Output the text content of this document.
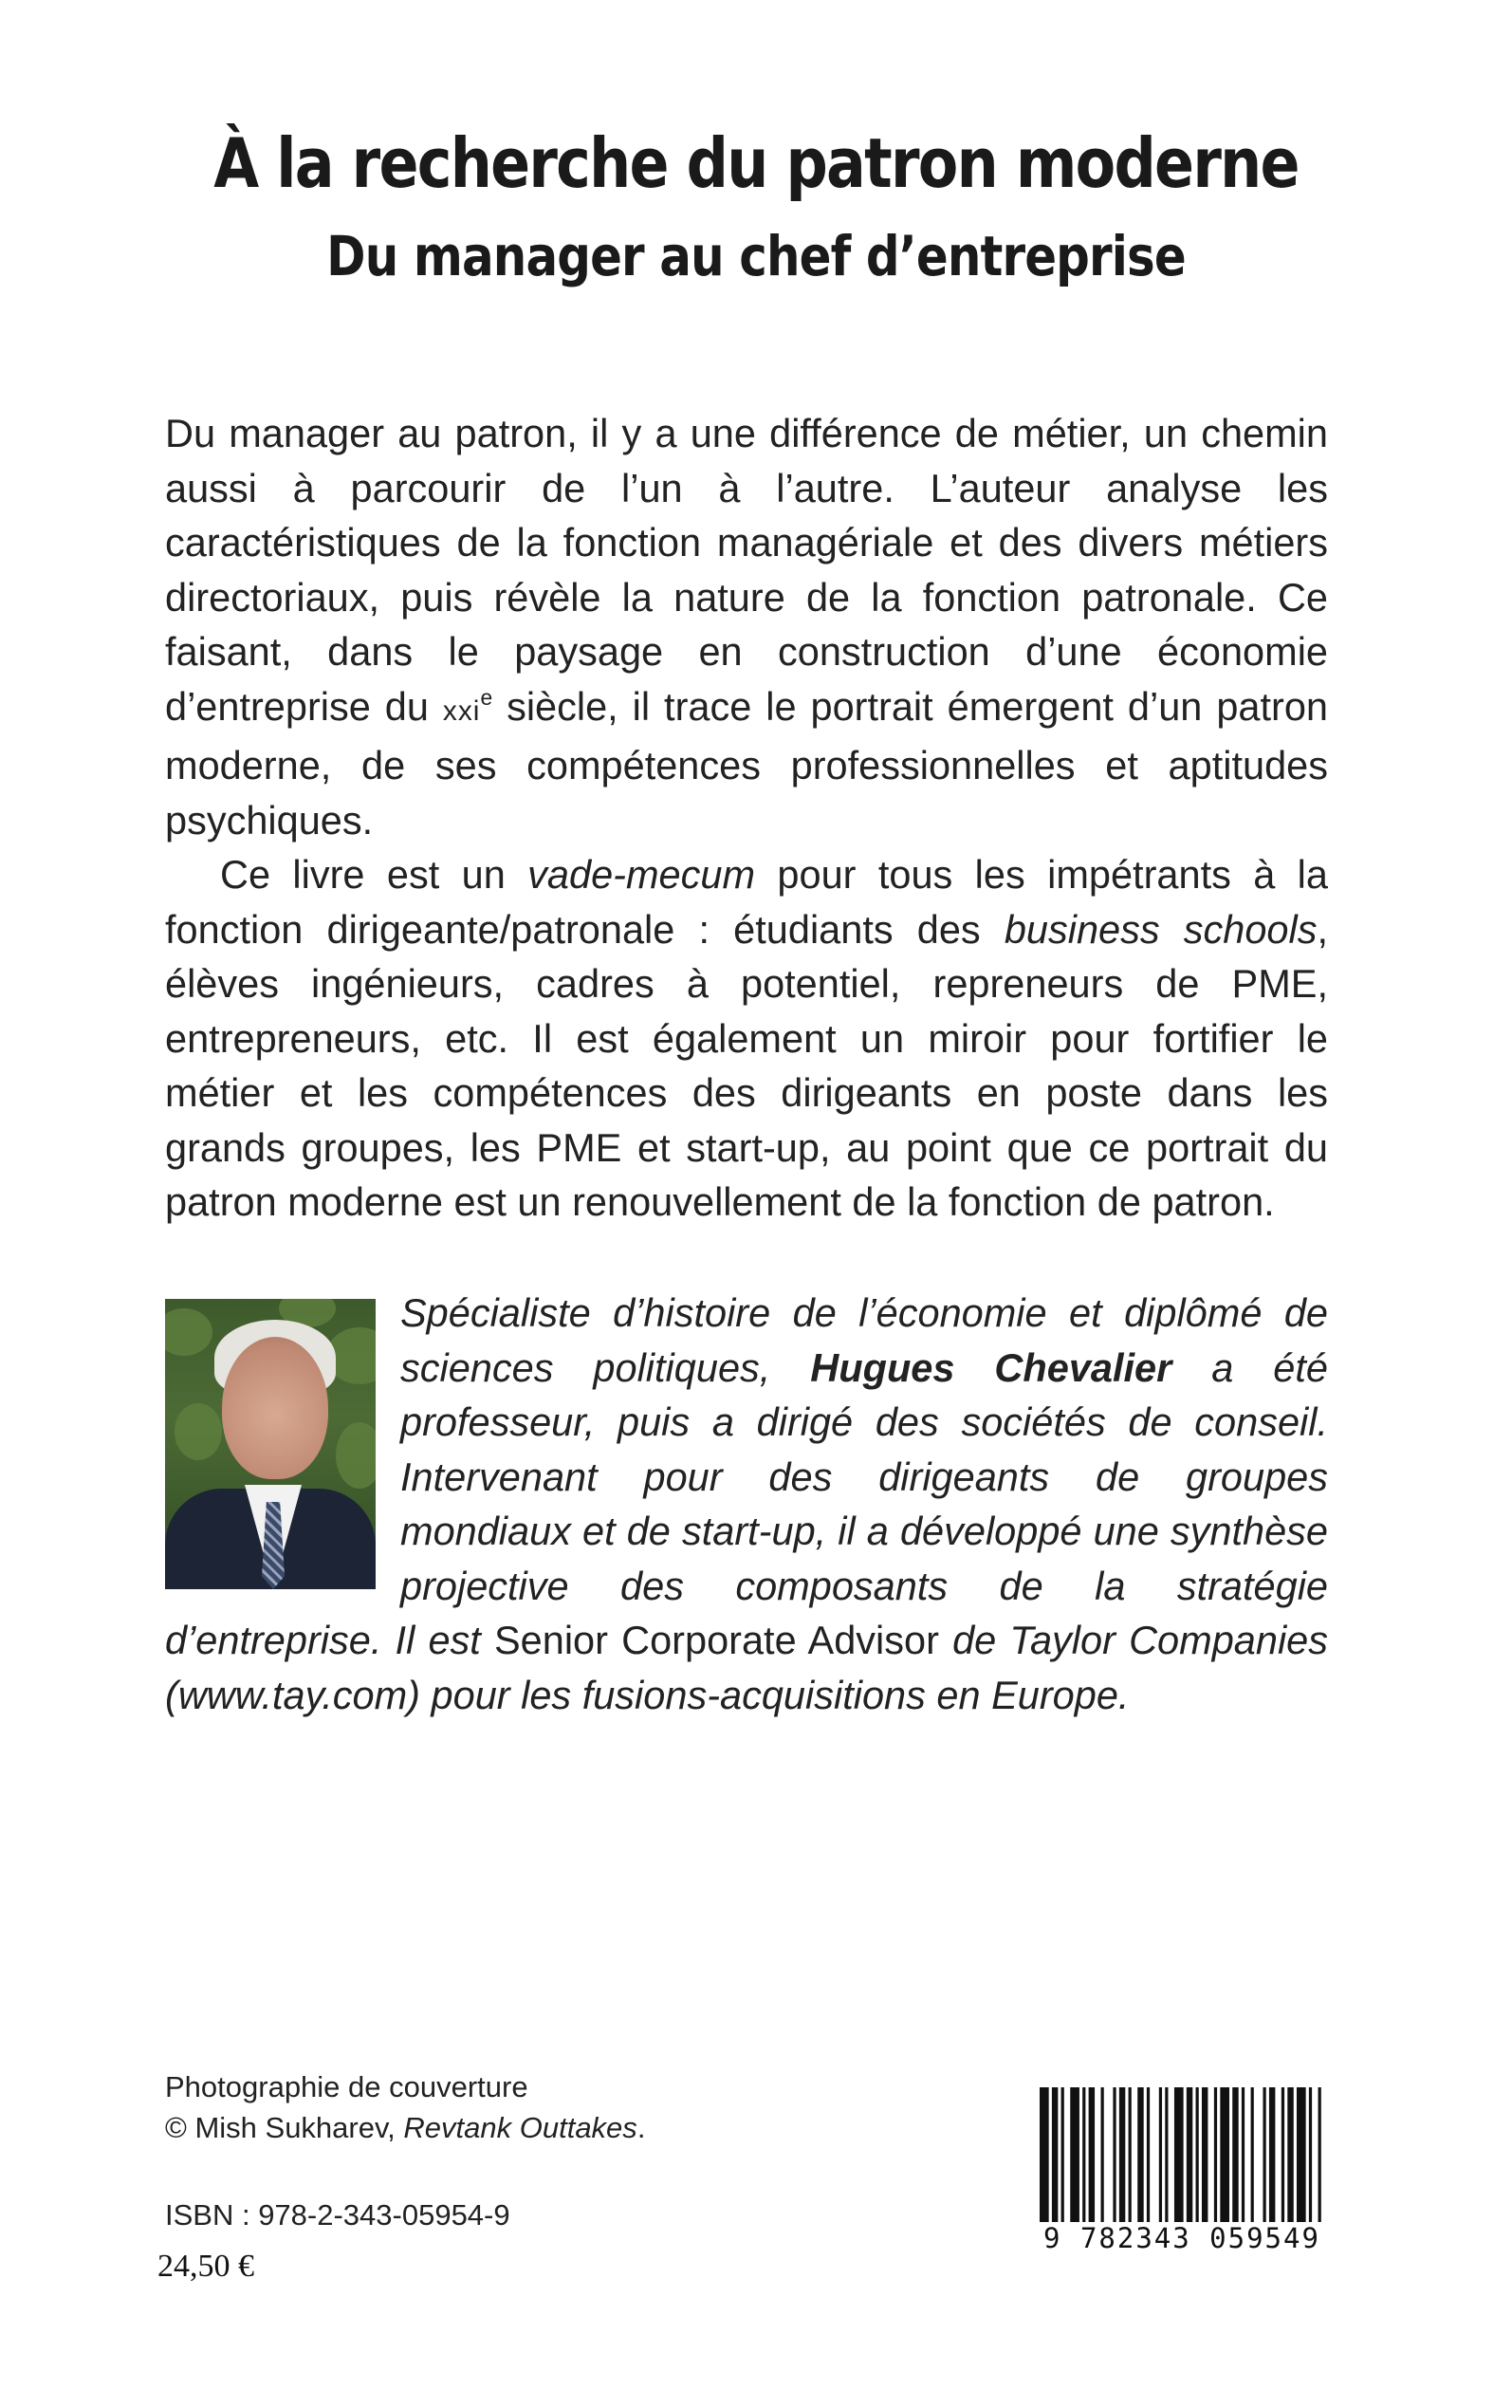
À la recherche du patron moderne
Du manager au chef d’entreprise

Du manager au patron, il y a une différence de métier, un chemin aussi à parcourir de l’un à l’autre. L’auteur analyse les caractéristiques de la fonction managériale et des divers métiers directoriaux, puis révèle la nature de la fonction patronale. Ce faisant, dans le paysage en construction d’une économie d’entreprise du xxi$^e$ siècle, il trace le portrait émergent d’un patron moderne, de ses compétences professionnelles et aptitudes psychiques.

Ce livre est un vade-mecum pour tous les impétrants à la fonction dirigeante/patronale : étudiants des business schools, élèves ingénieurs, cadres à potentiel, repreneurs de PME, entrepreneurs, etc. Il est également un miroir pour fortifier le métier et les compétences des dirigeants en poste dans les grands groupes, les PME et start-up, au point que ce portrait du patron moderne est un renouvellement de la fonction de patron.

Spécialiste d’histoire de l’économie et diplômé de sciences politiques, Hugues Chevalier a été professeur, puis a dirigé des sociétés de conseil. Intervenant pour des dirigeants de groupes mondiaux et de start-up, il a développé une synthèse projective des composants de la stratégie d’entreprise. Il est Senior Corporate Advisor de Taylor Companies (www.tay.com) pour les fusions-acquisitions en Europe.

Photographie de couverture

© Mish Sukharev, Revtank Outtakes.

ISBN : 978-2-343-05954-9

24,50 €

9 782343 059549
